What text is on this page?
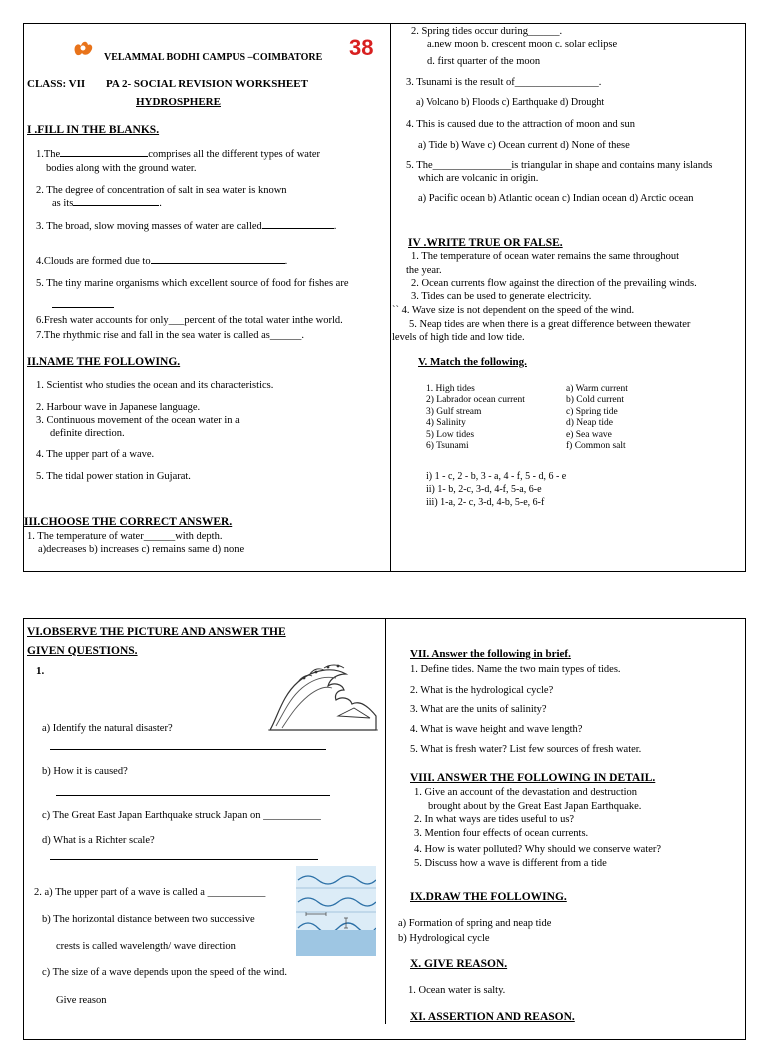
VELAMMAL BODHI CAMPUS –COIMBATORE 38
CLASS: VII PA 2- SOCIAL REVISION WORKSHEET
HYDROSPHERE
I .FILL IN THE BLANKS.
1.The	comprises all the different types of water
bodies along with the ground water.
2. The degree of concentration of salt in sea water is known
as its	.
3. The broad, slow moving masses of water are called	.
4.Clouds are formed due to	.
5. The tiny marine organisms which excellent source of food for fishes are
6.Fresh water accounts for only___percent of the total water inthe world.
7.The rhythmic rise and fall in the sea water is called as______.
II.NAME THE FOLLOWING.
1. Scientist who studies the ocean and its characteristics.
2. Harbour wave in Japanese language.
3. Continuous movement of the ocean water in a
definite direction.
4. The upper part of a wave.
5. The tidal power station in Gujarat.
III.CHOOSE THE CORRECT ANSWER.
1. The temperature of water______with depth.
a)decreases b) increases c) remains same d) none
2. Spring tides occur during______.
a.new moon b. crescent moon c. solar eclipse
d. first quarter of the moon
3. Tsunami is the result of________________.
a) Volcano b) Floods c) Earthquake d) Drought
4. This is caused due to the attraction of moon and sun
a) Tide b) Wave c) Ocean current d) None of these
5. The_______________is triangular in shape and contains many islands
which are volcanic in origin.
a) Pacific ocean b) Atlantic ocean c) Indian ocean d) Arctic ocean
IV .WRITE TRUE OR FALSE.
1. The temperature of ocean water remains the same throughout
the year.
2. Ocean currents flow against the direction of the prevailing winds.
3. Tides can be used to generate electricity.
`` 4. Wave size is not dependent on the speed of the wind.
5. Neap tides are when there is a great difference between thewater
levels of high tide and low tide.
V. Match the following.
1. High tides	a) Warm current
2) Labrador ocean current	b) Cold current
3) Gulf stream	c) Spring tide
4) Salinity	d) Neap tide
5) Low tides	e) Sea wave
6) Tsunami	f) Common salt
i) 1 - c, 2 - b, 3 - a, 4 - f, 5 - d, 6 - e
ii) 1- b, 2-c, 3-d, 4-f, 5-a, 6-e
iii) 1-a, 2- c, 3-d, 4-b, 5-e, 6-f
VI.OBSERVE THE PICTURE AND ANSWER THE
GIVEN QUESTIONS.
1.
a) Identify the natural disaster?
b) How it is caused?
c) The Great East Japan Earthquake struck Japan on ___________
d) What is a Richter scale?
2. a) The upper part of a wave is called a ___________
b) The horizontal distance between two successive
crests is called wavelength/ wave direction
c) The size of a wave depends upon the speed of the wind.
Give reason
VII. Answer the following in brief.
1. Define tides. Name the two main types of tides.
2. What is the hydrological cycle?
3. What are the units of salinity?
4. What is wave height and wave length?
5. What is fresh water? List few sources of fresh water.
VIII. ANSWER THE FOLLOWING IN DETAIL.
1. Give an account of the devastation and destruction
brought about by the Great East Japan Earthquake.
2. In what ways are tides useful to us?
3. Mention four effects of ocean currents.
4. How is water polluted? Why should we conserve water?
5. Discuss how a wave is different from a tide
IX.DRAW THE FOLLOWING.
a) Formation of spring and neap tide
b) Hydrological cycle
X. GIVE REASON.
1. Ocean water is salty.
XI. ASSERTION AND REASON.
